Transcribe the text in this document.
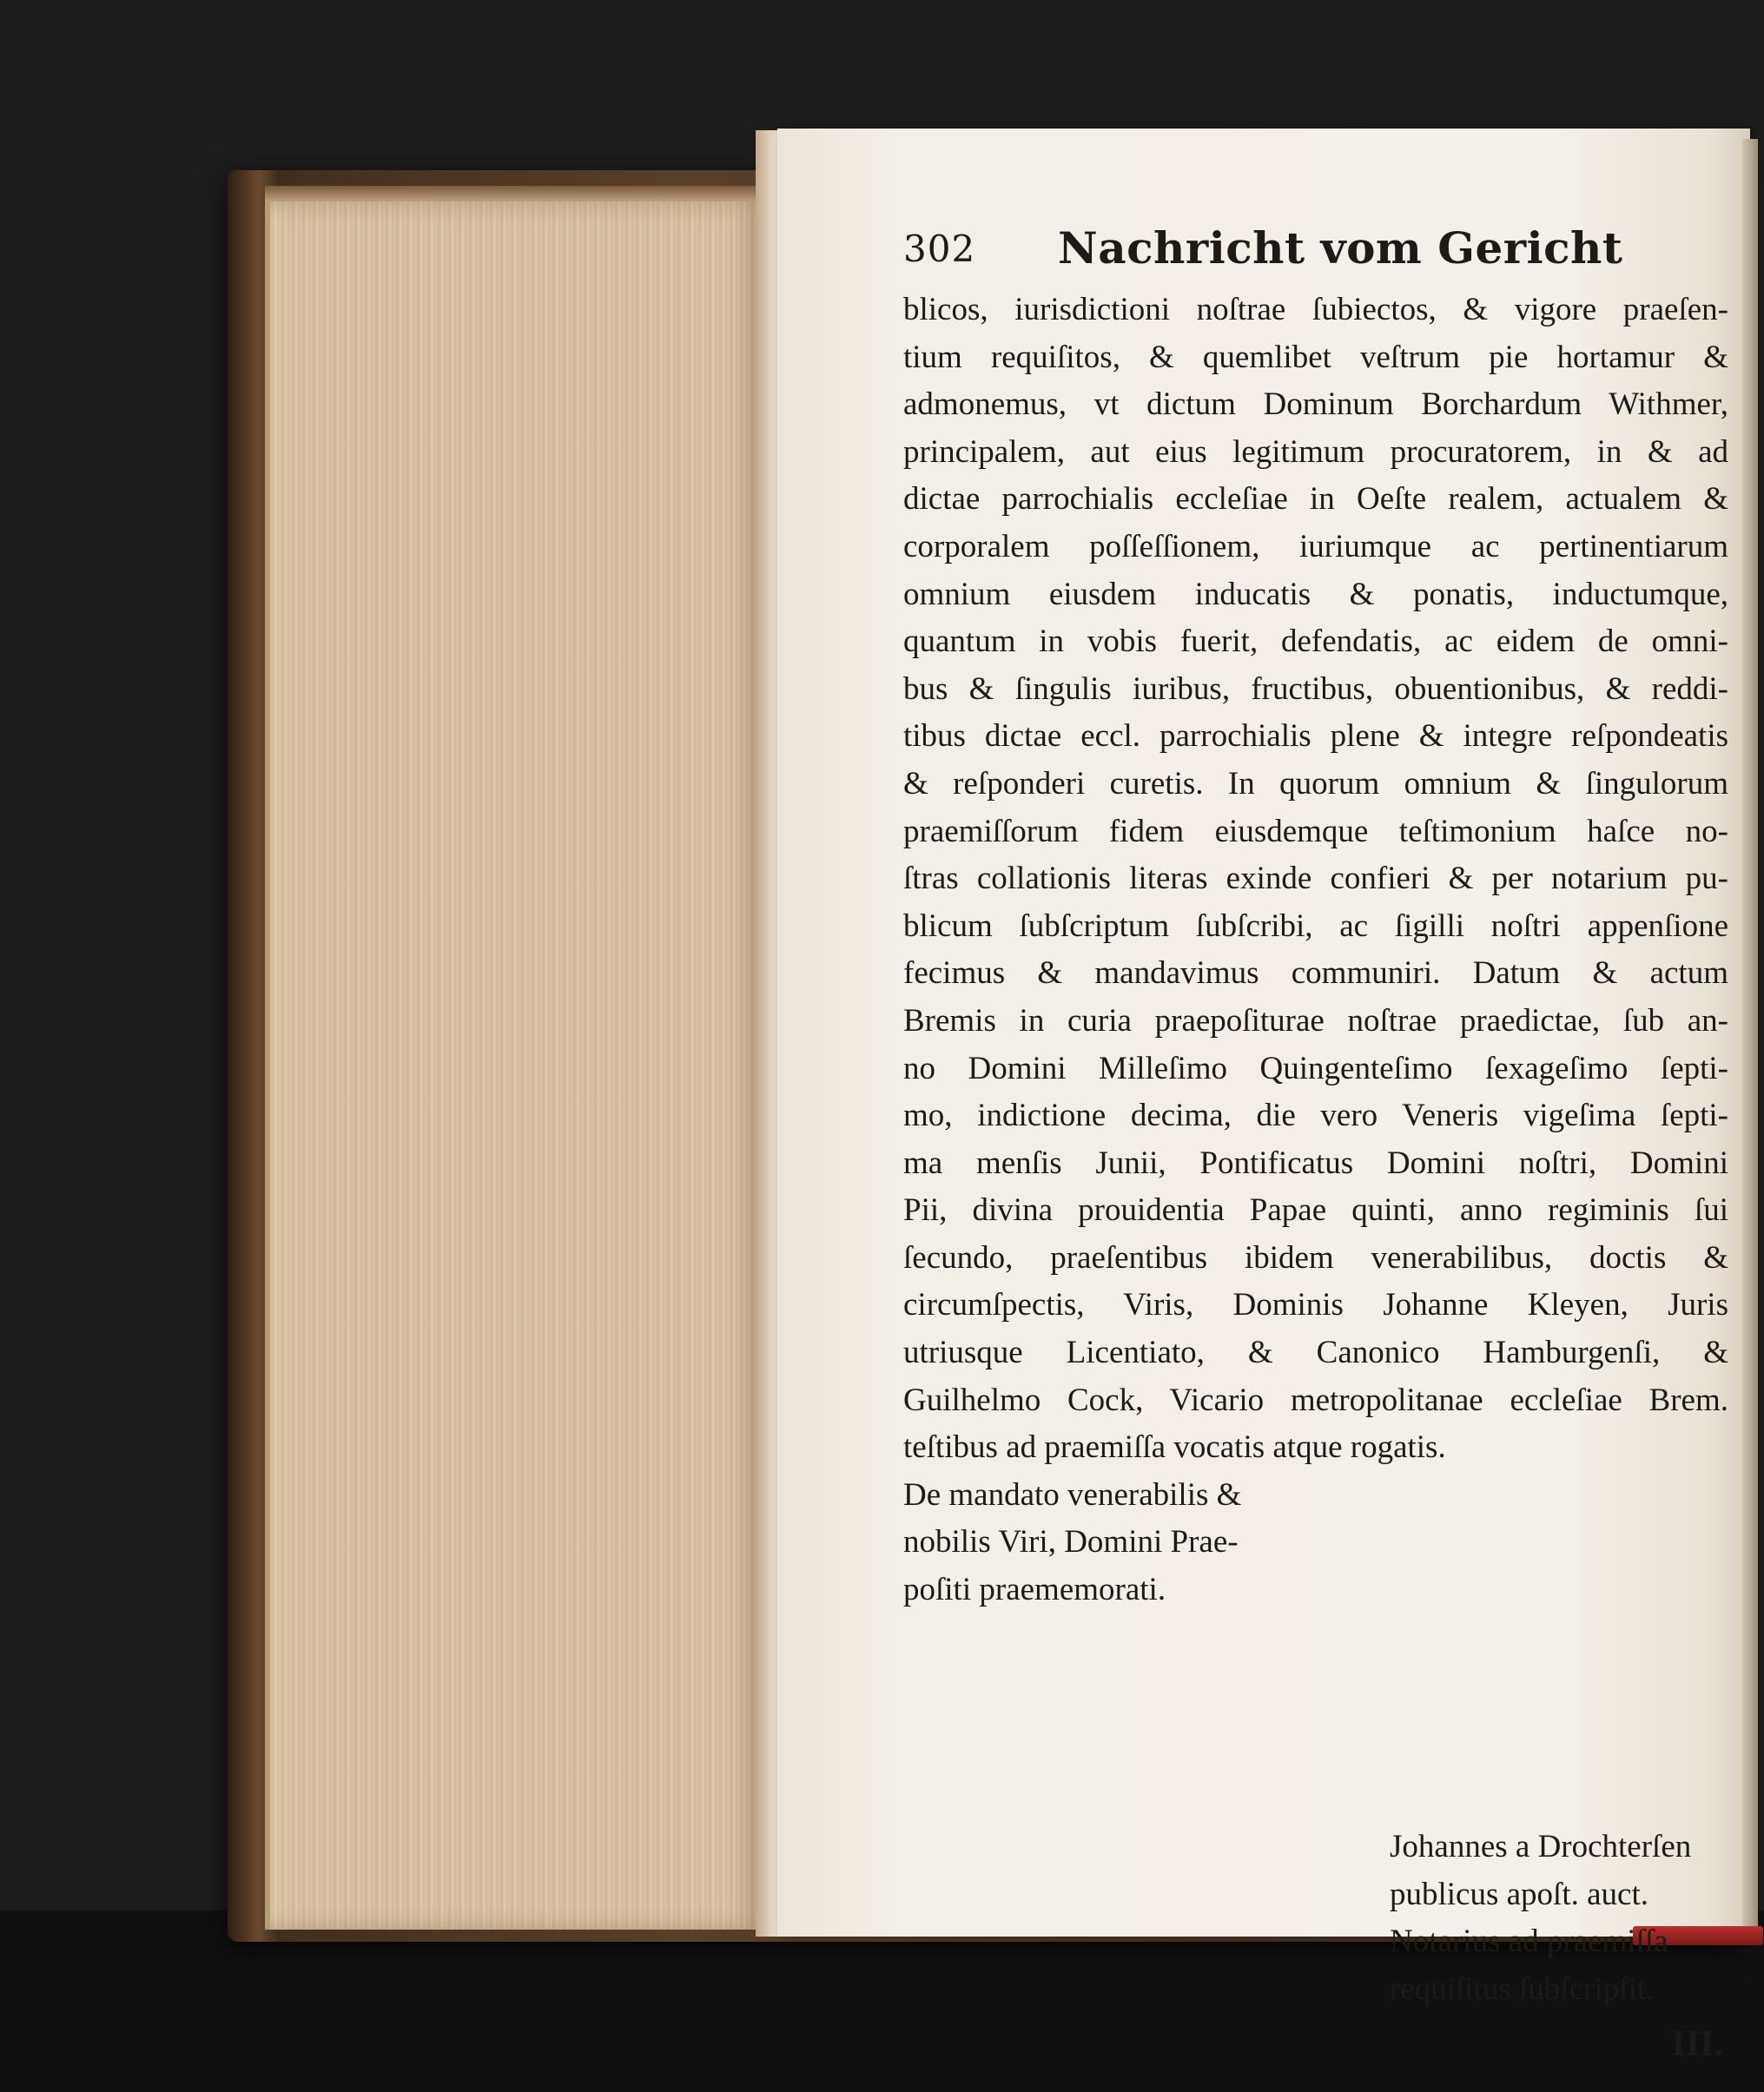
302 Nachricht vom Gericht
blicos, iurisdictioni noſtrae ſubiectos, & vigore praeſen-
tium requiſitos, & quemlibet veſtrum pie hortamur &
admonemus, vt dictum Dominum Borchardum Withmer,
principalem, aut eius legitimum procuratorem, in & ad
dictae parrochialis eccleſiae in Oeſte realem, actualem &
corporalem poſſeſſionem, iuriumque ac pertinentiarum
omnium eiusdem inducatis & ponatis, inductumque,
quantum in vobis fuerit, defendatis, ac eidem de omni-
bus & ſingulis iuribus, fructibus, obuentionibus, & reddi-
tibus dictae eccl. parrochialis plene & integre reſpondeatis
& reſponderi curetis. In quorum omnium & ſingulorum
praemiſſorum fidem eiusdemque teſtimonium haſce no-
ſtras collationis literas exinde confieri & per notarium pu-
blicum ſubſcriptum ſubſcribi, ac ſigilli noſtri appenſione
fecimus & mandavimus communiri. Datum & actum
Bremis in curia praepoſiturae noſtrae praedictae, ſub an-
no Domini Milleſimo Quingenteſimo ſexageſimo ſepti-
mo, indictione decima, die vero Veneris vigeſima ſepti-
ma menſis Junii, Pontificatus Domini noſtri, Domini
Pii, divina prouidentia Papae quinti, anno regiminis ſui
ſecundo, praeſentibus ibidem venerabilibus, doctis &
circumſpectis, Viris, Dominis Johanne Kleyen, Juris
utriusque Licentiato, & Canonico Hamburgenſi, &
Guilhelmo Cock, Vicario metropolitanae eccleſiae Brem.
teſtibus ad praemiſſa vocatis atque rogatis.
De mandato venerabilis &
nobilis Viri, Domini Prae-
poſiti praememorati.
Johannes a Drochterſen
publicus apoſt. auct.
Notarius ad praemiſſa
requiſitus ſubſcripſit.
III.
